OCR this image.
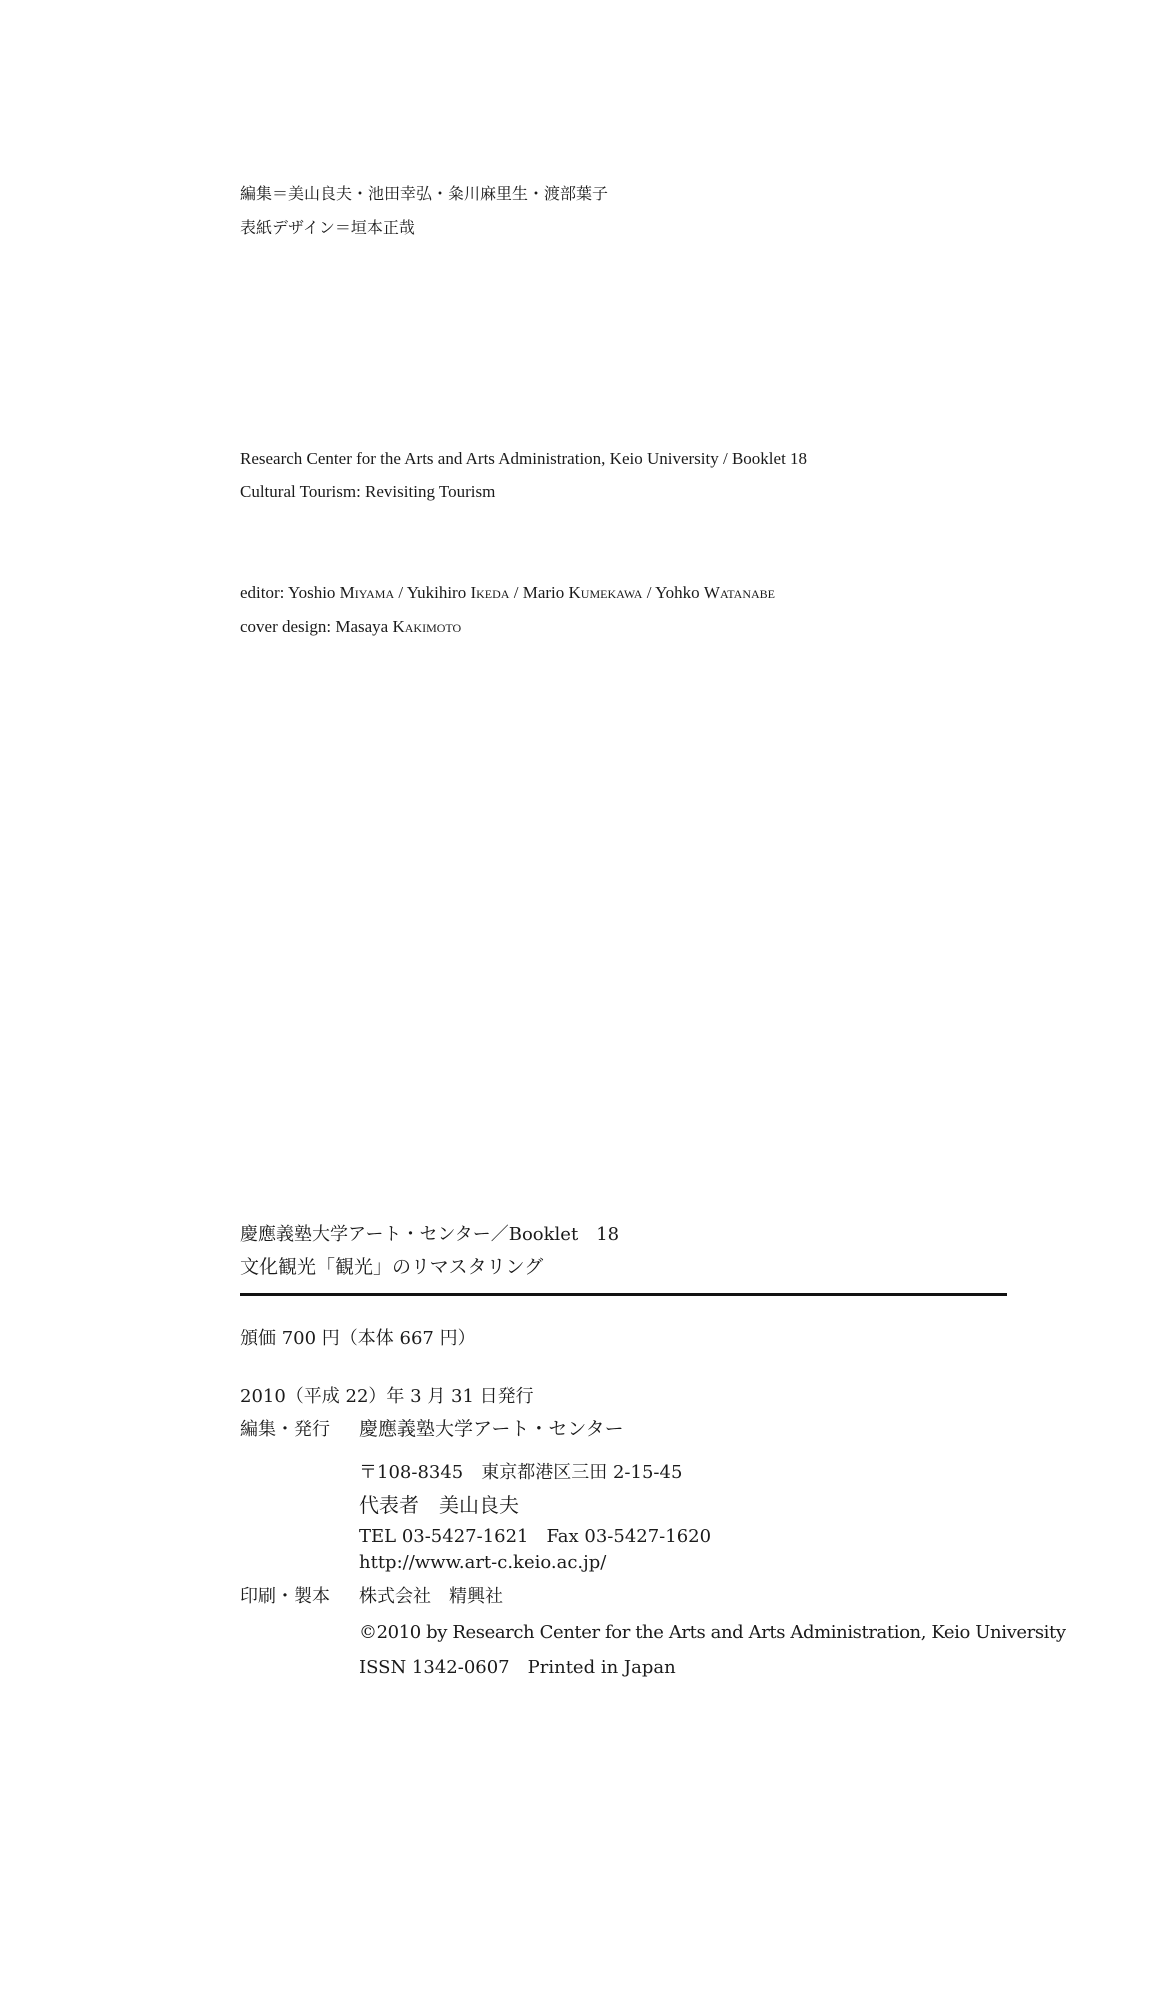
編集＝美山良夫・池田幸弘・粂川麻里生・渡部葉子
表紙デザイン＝垣本正哉
Research Center for the Arts and Arts Administration, Keio University / Booklet 18
Cultural Tourism: Revisiting Tourism
editor: Yoshio Miyama / Yukihiro Ikeda / Mario Kumekawa / Yohko Watanabe
cover design: Masaya Kakimoto
慶應義塾大学アート・センター／Booklet　18
文化観光「観光」のリマスタリング
頒価 700 円（本体 667 円）
2010（平成 22）年 3 月 31 日発行
編集・発行 慶應義塾大学アート・センター
〒108-8345　東京都港区三田 2-15-45
代表者　美山良夫
TEL 03-5427-1621　Fax 03-5427-1620
http://www.art-c.keio.ac.jp/
印刷・製本 株式会社　精興社
©2010 by Research Center for the Arts and Arts Administration, Keio University
ISSN 1342-0607　Printed in Japan
